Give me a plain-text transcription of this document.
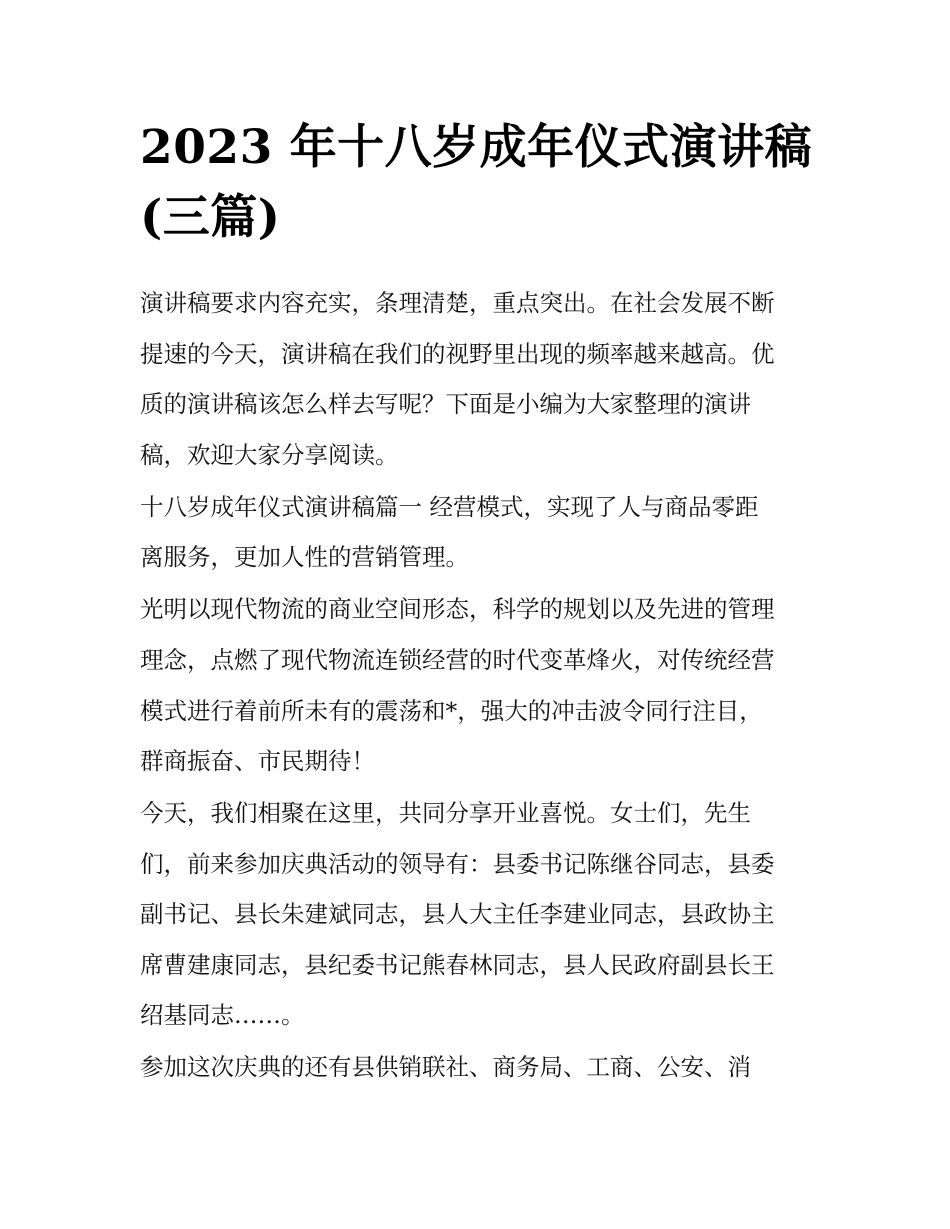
2023 年十八岁成年仪式演讲稿
(三篇)

演讲稿要求内容充实，条理清楚，重点突出。在社会发展不断
提速的今天，演讲稿在我们的视野里出现的频率越来越高。优
质的演讲稿该怎么样去写呢？下面是小编为大家整理的演讲
稿，欢迎大家分享阅读。

十八岁成年仪式演讲稿篇一 经营模式，实现了人与商品零距
离服务，更加人性的营销管理。

光明以现代物流的商业空间形态，科学的规划以及先进的管理
理念，点燃了现代物流连锁经营的时代变革烽火，对传统经营
模式进行着前所未有的震荡和*，强大的冲击波令同行注目，
群商振奋、市民期待！

今天，我们相聚在这里，共同分享开业喜悦。女士们，先生
们，前来参加庆典活动的领导有：县委书记陈继谷同志，县委
副书记、县长朱建斌同志，县人大主任李建业同志，县政协主
席曹建康同志，县纪委书记熊春林同志，县人民政府副县长王
绍基同志……。

参加这次庆典的还有县供销联社、商务局、工商、公安、消
